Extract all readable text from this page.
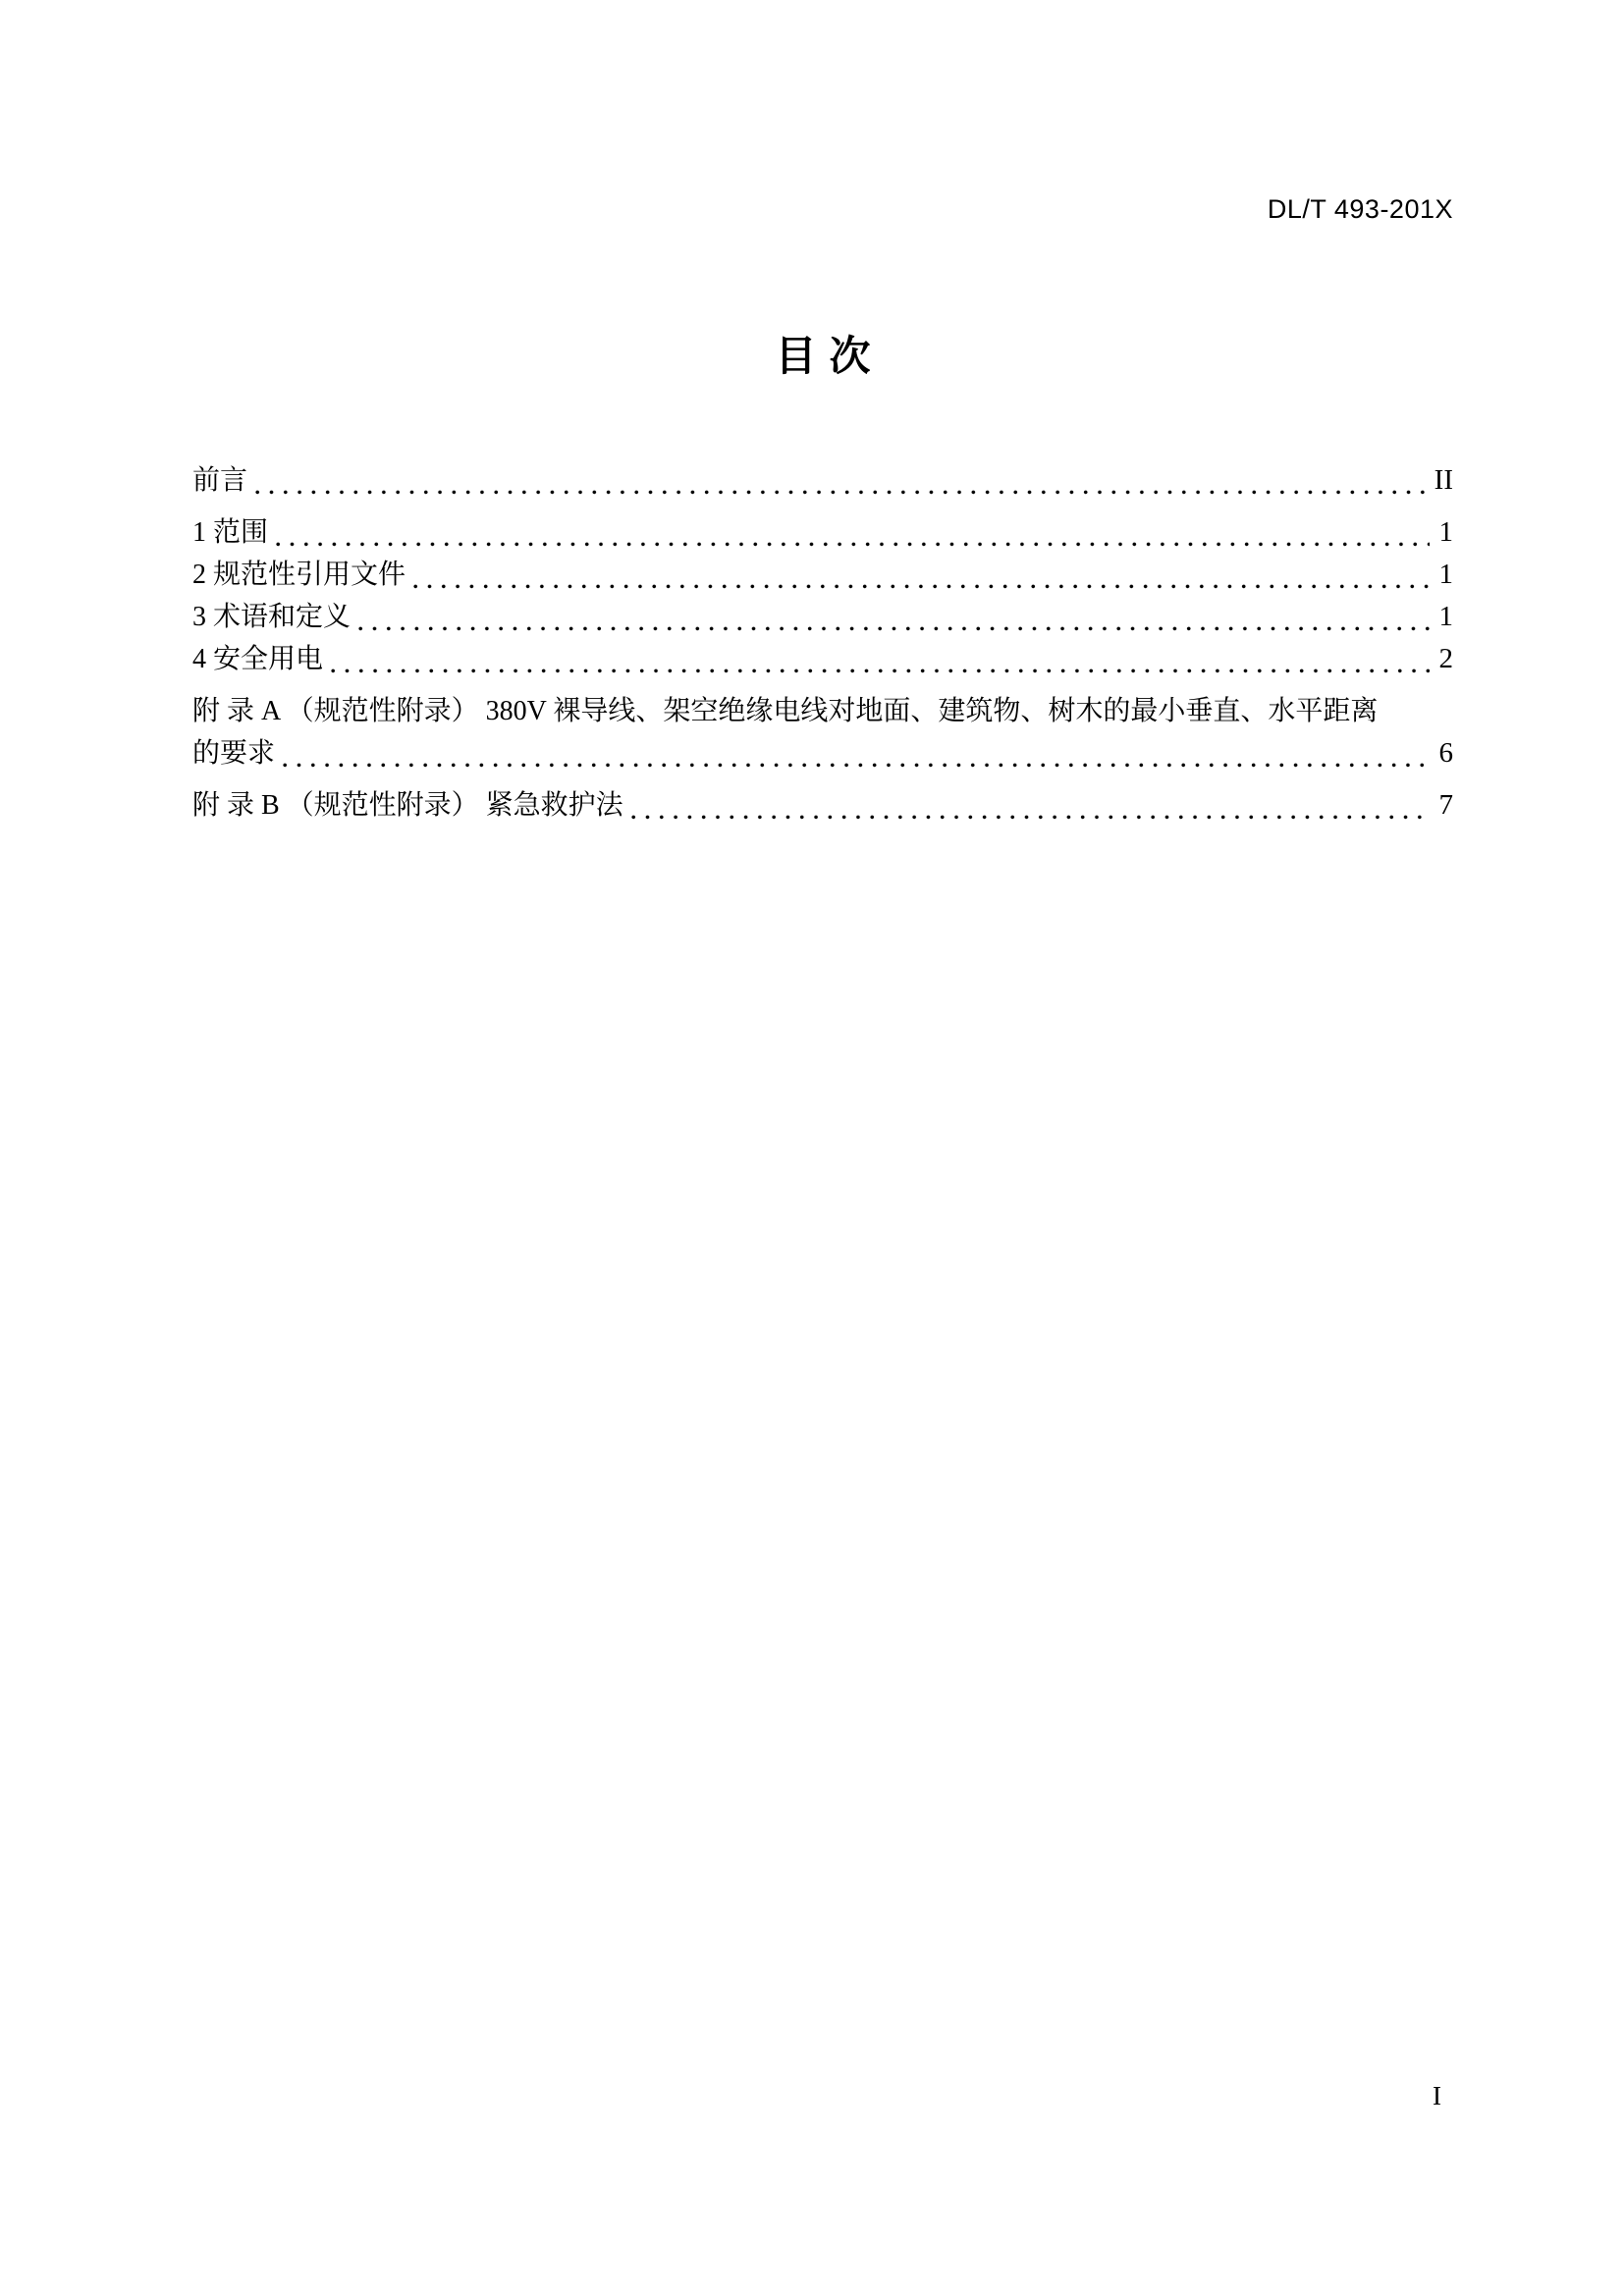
DL/T 493-201X
目次
前言	II
1 范围	1
2 规范性引用文件	1
3 术语和定义	1
4 安全用电	2
附 录 A （规范性附录） 380V 裸导线、架空绝缘电线对地面、建筑物、树木的最小垂直、水平距离
的要求	6
附 录 B （规范性附录） 紧急救护法	7
I
